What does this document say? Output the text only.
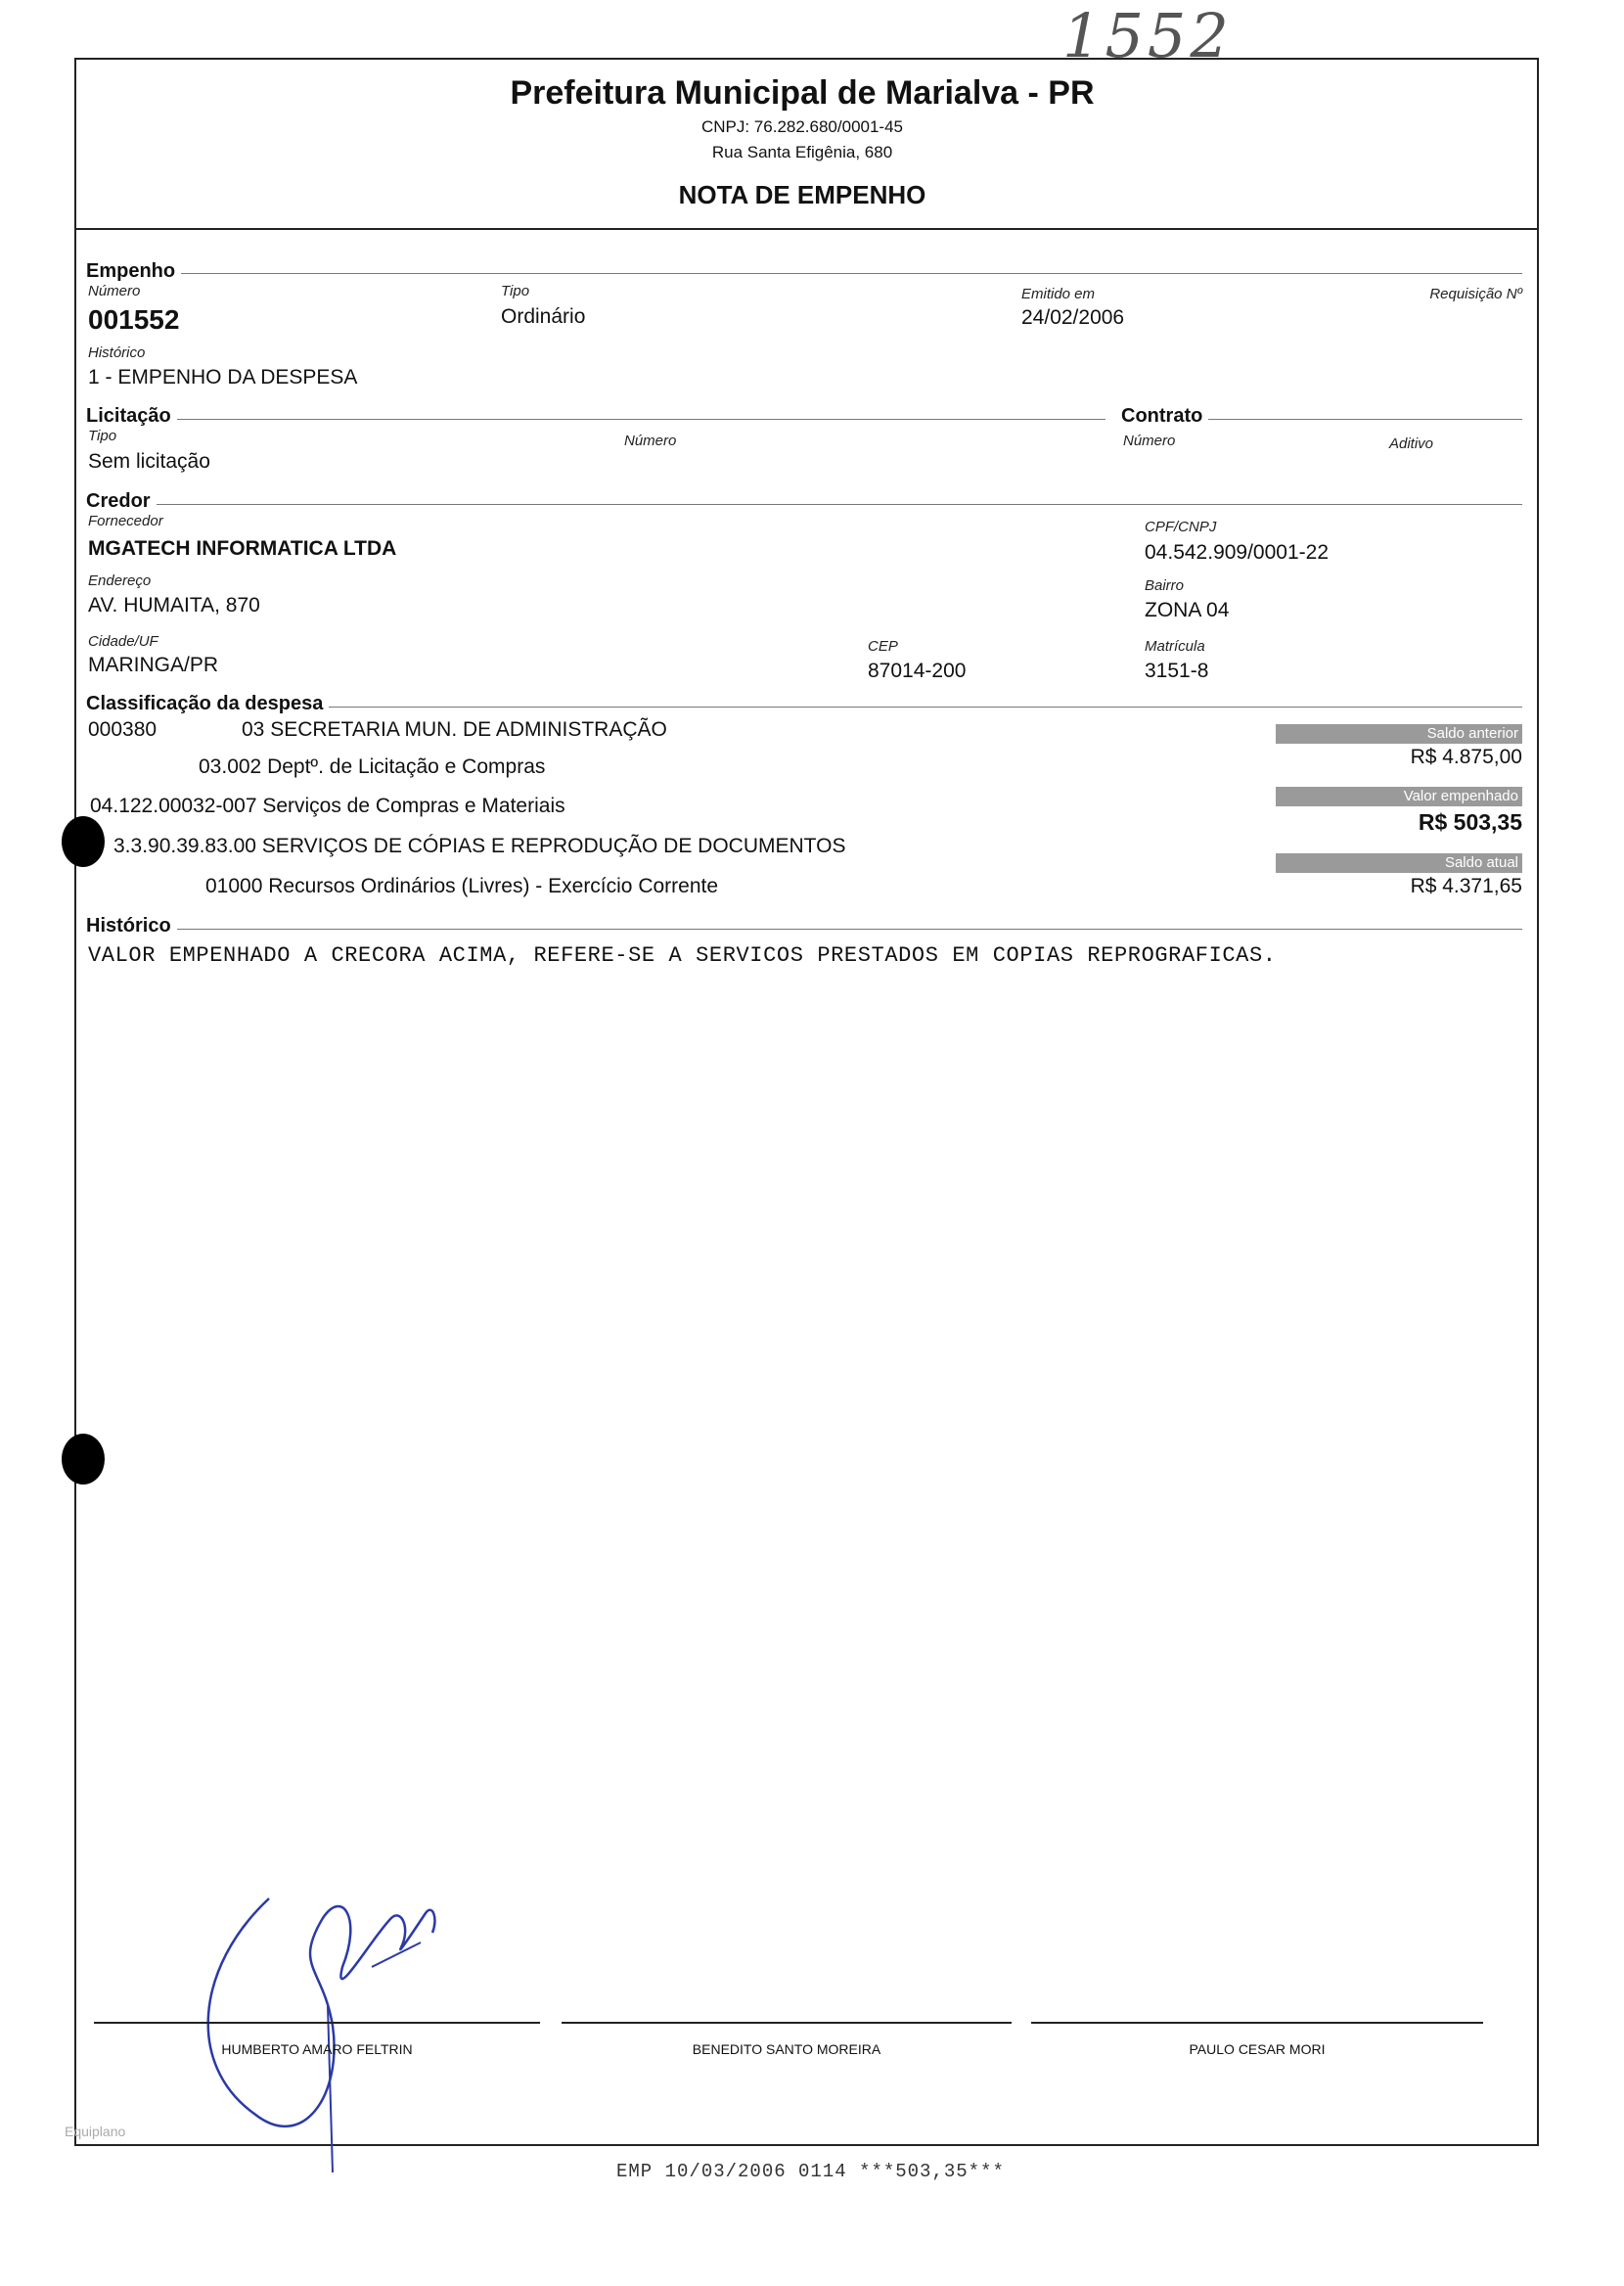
1552
Prefeitura Municipal de Marialva - PR
CNPJ: 76.282.680/0001-45
Rua Santa Efigênia, 680
NOTA DE EMPENHO
Empenho
Número
001552
Tipo
Ordinário
Emitido em
24/02/2006
Requisição Nº
Histórico
1 - EMPENHO DA DESPESA
Licitação	Contrato
Tipo
Sem licitação
Número	Número	Aditivo
Credor
Fornecedor
MGATECH INFORMATICA LTDA
CPF/CNPJ
04.542.909/0001-22
Endereço
AV. HUMAITA, 870
Bairro
ZONA 04
Cidade/UF
MARINGA/PR
CEP
87014-200
Matrícula
3151-8
Classificação da despesa
000380	03 SECRETARIA MUN. DE ADMINISTRAÇÃO
03.002 Deptº. de Licitação e Compras
04.122.00032-007 Serviços de Compras e Materiais
3.3.90.39.83.00 SERVIÇOS DE CÓPIAS E REPRODUÇÃO DE DOCUMENTOS
01000 Recursos Ordinários (Livres) - Exercício Corrente
Saldo anterior
R$ 4.875,00
Valor empenhado
R$ 503,35
Saldo atual
R$ 4.371,65
Histórico
VALOR EMPENHADO A CRECORA ACIMA, REFERE-SE A SERVICOS PRESTADOS EM COPIAS REPROGRAFICAS.
HUMBERTO AMARO FELTRIN	BENEDITO SANTO MOREIRA	PAULO CESAR MORI
Equiplano
EMP 10/03/2006 0114 ***503,35***
